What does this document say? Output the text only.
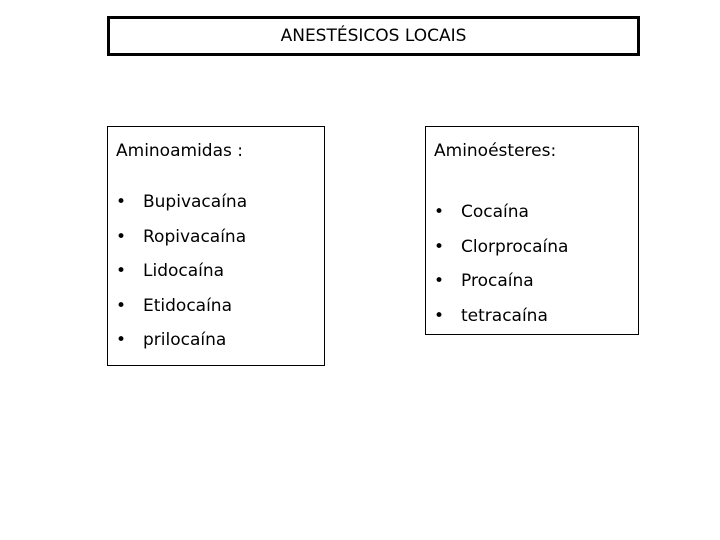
ANESTÉSICOS LOCAIS
Aminoamidas :
• Bupivacaína
• Ropivacaína
• Lidocaína
• Etidocaína
• prilocaína
Aminoésteres:
• Cocaína
• Clorprocaína
• Procaína
• tetracaína
